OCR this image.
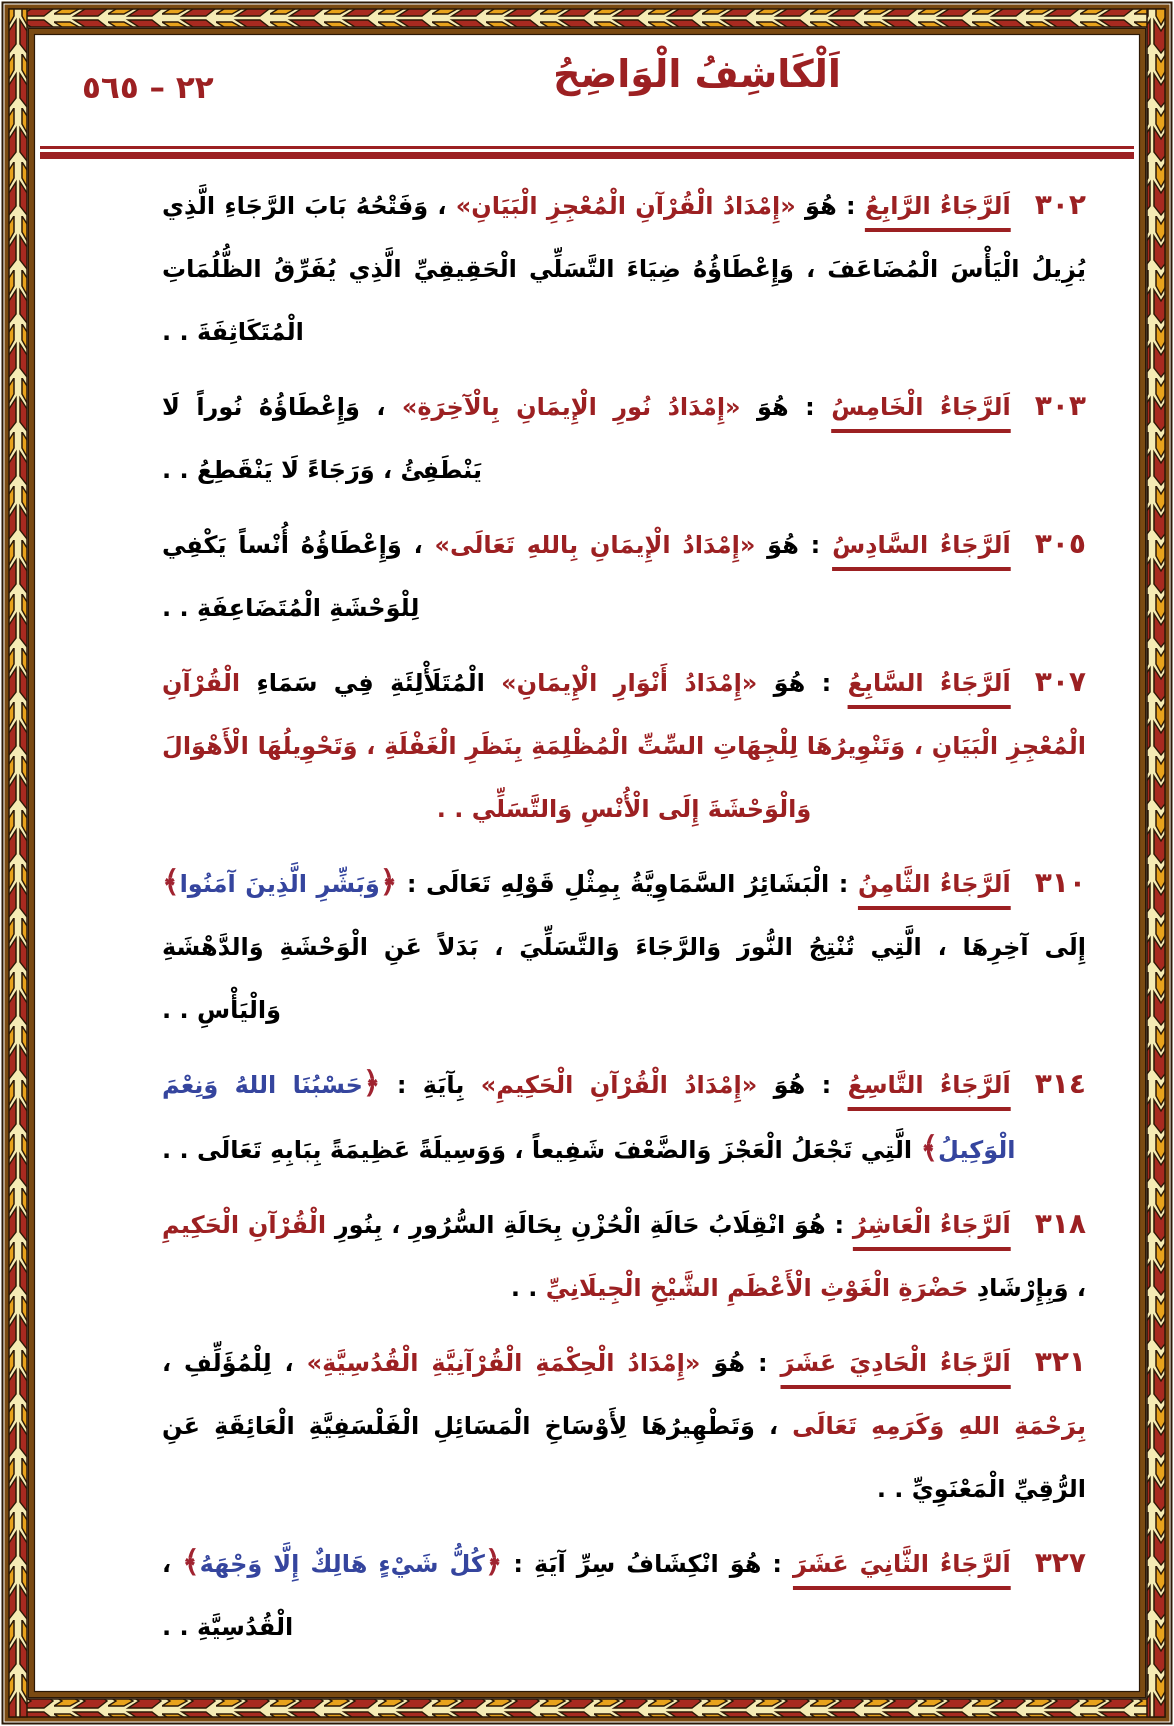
٢٢ – ٥٦٥	اَلْكَاشِفُ الْوَاضِحُ

٣٠٢اَلرَّجَاءُ الرَّابِعُ : هُوَ «إِمْدَادُ الْقُرْآنِ الْمُعْجِزِ الْبَيَانِ» ، وَفَتْحُهُ بَابَ الرَّجَاءِ الَّذِي يُزِيلُ الْيَأْسَ الْمُضَاعَفَ ، وَإِعْطَاؤُهُ ضِيَاءَ التَّسَلِّي الْحَقِيقِيِّ الَّذِي يُفَرِّقُ الظُّلُمَاتِ الْمُتَكَاثِفَةَ . .

٣٠٣اَلرَّجَاءُ الْخَامِسُ : هُوَ «إِمْدَادُ نُورِ الْإِيمَانِ بِالْآخِرَةِ» ، وَإِعْطَاؤُهُ نُوراً لَا يَنْطَفِئُ ، وَرَجَاءً لَا يَنْقَطِعُ . .

٣٠٥اَلرَّجَاءُ السَّادِسُ : هُوَ «إِمْدَادُ الْإِيمَانِ بِاللهِ تَعَالَى» ، وَإِعْطَاؤُهُ أُنْساً يَكْفِي لِلْوَحْشَةِ الْمُتَضَاعِفَةِ . .

٣٠٧اَلرَّجَاءُ السَّابِعُ : هُوَ «إِمْدَادُ أَنْوَارِ الْإِيمَانِ» الْمُتَلَأْلِئَةِ فِي سَمَاءِ الْقُرْآنِ الْمُعْجِزِ الْبَيَانِ ، وَتَنْوِيرُهَا لِلْجِهَاتِ السِّتِّ الْمُظْلِمَةِ بِنَظَرِ الْغَفْلَةِ ، وَتَحْوِيلُهَا الْأَهْوَالَ وَالْوَحْشَةَ إِلَى الْأُنْسِ وَالتَّسَلِّي . .

٣١٠اَلرَّجَاءُ الثَّامِنُ : الْبَشَائِرُ السَّمَاوِيَّةُ بِمِثْلِ قَوْلِهِ تَعَالَى : ﴿وَبَشِّرِ الَّذِينَ آمَنُوا﴾ إِلَى آخِرِهَا ، الَّتِي تُنْتِجُ النُّورَ وَالرَّجَاءَ وَالتَّسَلِّيَ ، بَدَلاً عَنِ الْوَحْشَةِ وَالدَّهْشَةِ وَالْيَأْسِ . .

٣١٤اَلرَّجَاءُ التَّاسِعُ : هُوَ «إِمْدَادُ الْقُرْآنِ الْحَكِيمِ» بِآيَةِ : ﴿حَسْبُنَا اللهُ وَنِعْمَ الْوَكِيلُ﴾ الَّتِي تَجْعَلُ الْعَجْزَ وَالضَّعْفَ شَفِيعاً ، وَوَسِيلَةً عَظِيمَةً بِبَابِهِ تَعَالَى . .

٣١٨اَلرَّجَاءُ الْعَاشِرُ : هُوَ انْقِلَابُ حَالَةِ الْحُزْنِ بِحَالَةِ السُّرُورِ ، بِنُورِ الْقُرْآنِ الْحَكِيمِ ، وَبِإِرْشَادِ حَضْرَةِ الْغَوْثِ الْأَعْظَمِ الشَّيْخِ الْجِيلَانِيِّ . .

٣٢١اَلرَّجَاءُ الْحَادِيَ عَشَرَ : هُوَ «إِمْدَادُ الْحِكْمَةِ الْقُرْآنِيَّةِ الْقُدُسِيَّةِ» ، لِلْمُؤَلِّفِ ، بِرَحْمَةِ اللهِ وَكَرَمِهِ تَعَالَى ، وَتَطْهِيرُهَا لِأَوْسَاخِ الْمَسَائِلِ الْفَلْسَفِيَّةِ الْعَائِقَةِ عَنِ الرُّقِيِّ الْمَعْنَوِيِّ . .

٣٢٧اَلرَّجَاءُ الثَّانِيَ عَشَرَ : هُوَ انْكِشَافُ سِرِّ آيَةِ : ﴿كُلُّ شَيْءٍ هَالِكٌ إِلَّا وَجْهَهُ﴾ ، الْقُدُسِيَّةِ . .
